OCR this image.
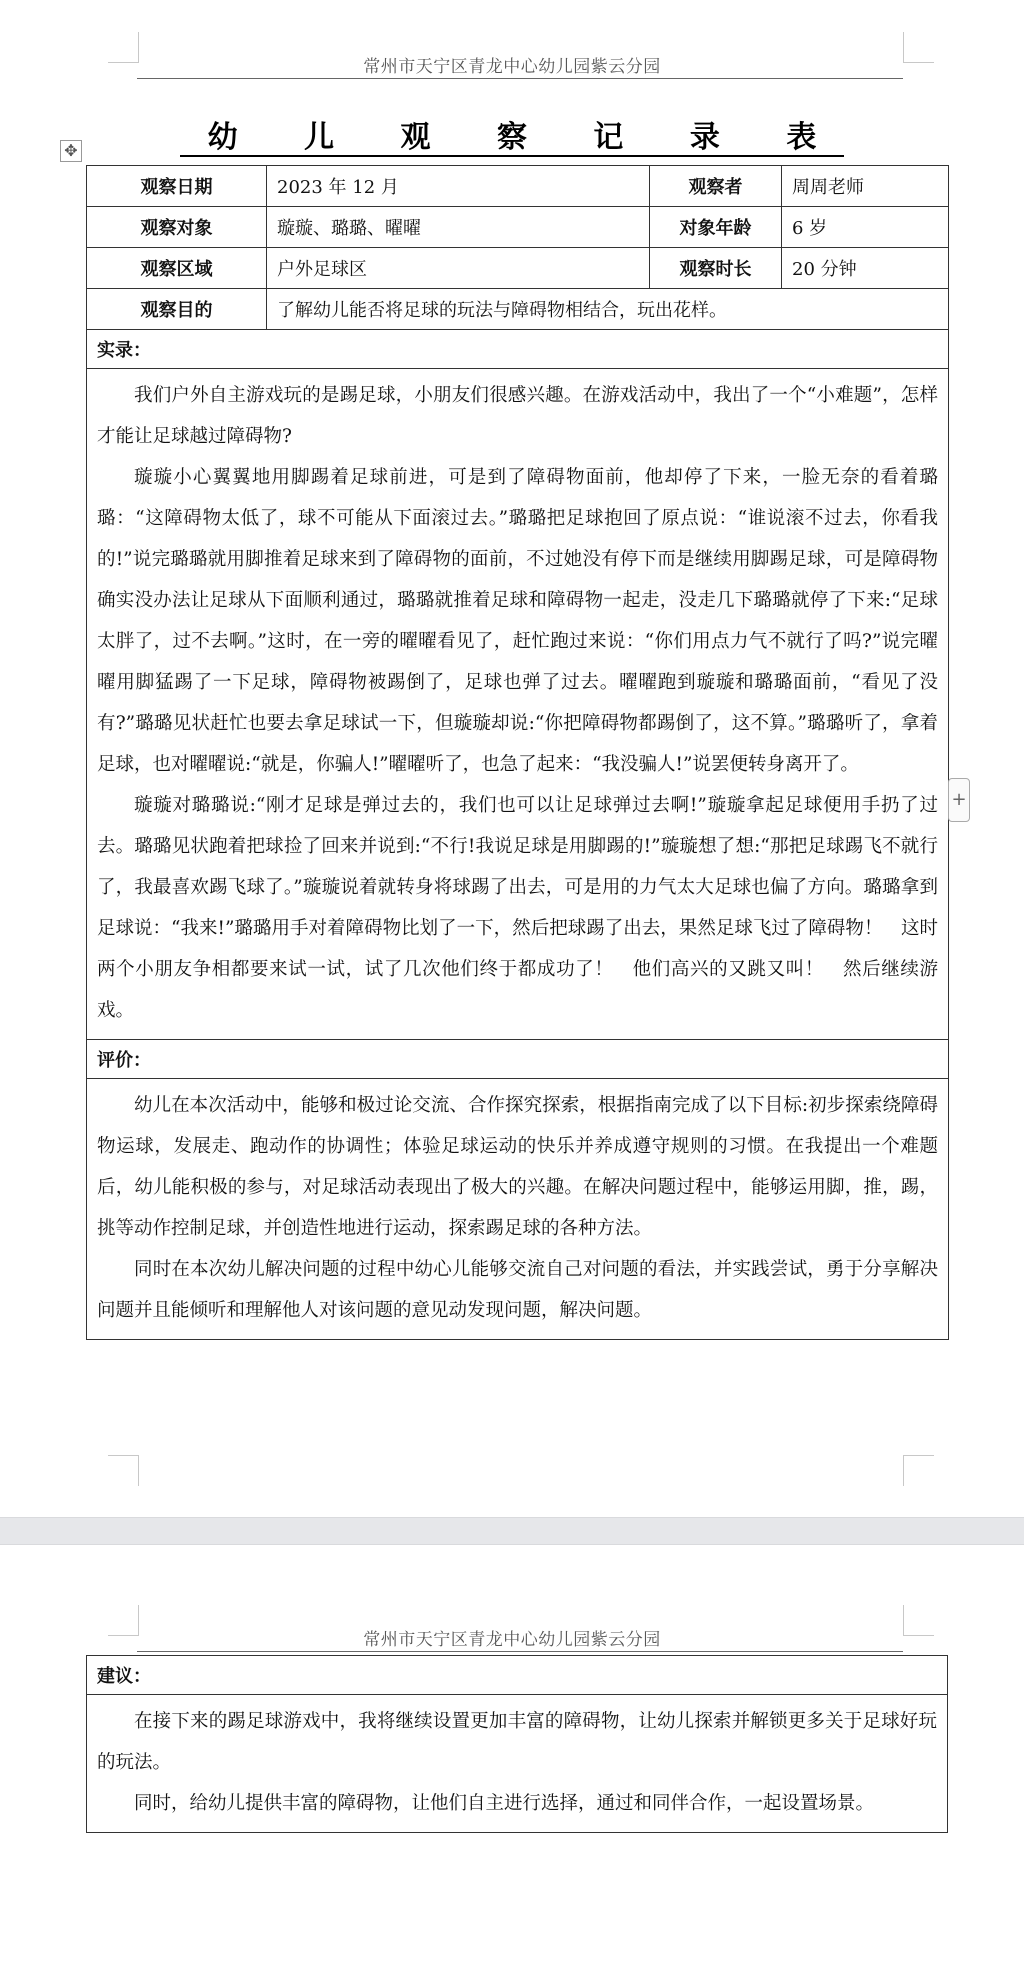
常州市天宁区青龙中心幼儿园紫云分园
✥	幼 儿 观 察 记 录 表
观察日期	2023 年 12 月	观察者	周周老师
观察对象	璇璇、璐璐、曜曜	对象年龄	6 岁
观察区域	户外足球区	观察时长	20 分钟
观察目的	了解幼儿能否将足球的玩法与障碍物相结合，玩出花样。		
实录：			

我们户外自主游戏玩的是踢足球，小朋友们很感兴趣。在游戏活动中，我出了一个“小难题”，怎样才能让足球越过障碍物?

璇璇小心翼翼地用脚踢着足球前进，可是到了障碍物面前，他却停了下来，一脸无奈的看着璐璐：“这障碍物太低了，球不可能从下面滚过去。”璐璐把足球抱回了原点说：“谁说滚不过去，你看我的!”说完璐璐就用脚推着足球来到了障碍物的面前，不过她没有停下而是继续用脚踢足球，可是障碍物确实没办法让足球从下面顺利通过，璐璐就推着足球和障碍物一起走，没走几下璐璐就停了下来:“足球太胖了，过不去啊。”这时，在一旁的曜曜看见了，赶忙跑过来说：“你们用点力气不就行了吗?”说完曜曜用脚猛踢了一下足球，障碍物被踢倒了，足球也弹了过去。曜曜跑到璇璇和璐璐面前，“看见了没有?”璐璐见状赶忙也要去拿足球试一下，但璇璇却说:“你把障碍物都踢倒了，这不算。”璐璐听了，拿着足球，也对曜曜说:“就是，你骗人!”曜曜听了，也急了起来：“我没骗人!”说罢便转身离开了。

璇璇对璐璐说:“刚才足球是弹过去的，我们也可以让足球弹过去啊!”璇璇拿起足球便用手扔了过去。璐璐见状跑着把球捡了回来并说到:“不行!我说足球是用脚踢的!”璇璇想了想:“那把足球踢飞不就行了，我最喜欢踢飞球了。”璇璇说着就转身将球踢了出去，可是用的力气太大足球也偏了方向。璐璐拿到足球说：“我来!”璐璐用手对着障碍物比划了一下，然后把球踢了出去，果然足球飞过了障碍物！　这时两个小朋友争相都要来试一试，试了几次他们终于都成功了！　他们高兴的又跳又叫！　然后继续游戏。			

评价：			

幼儿在本次活动中，能够和极过论交流、合作探究探索，根据指南完成了以下目标:初步探索绕障碍物运球，发展走、跑动作的协调性；体验足球运动的快乐并养成遵守规则的习惯。在我提出一个难题后，幼儿能积极的参与，对足球活动表现出了极大的兴趣。在解决问题过程中，能够运用脚，推，踢，挑等动作控制足球，并创造性地进行运动，探索踢足球的各种方法。

同时在本次幼儿解决问题的过程中幼心儿能够交流自己对问题的看法，并实践尝试，勇于分享解决问题并且能倾听和理解他人对该问题的意见动发现问题，解决问题。			

+
常州市天宁区青龙中心幼儿园紫云分园
建议：

在接下来的踢足球游戏中，我将继续设置更加丰富的障碍物，让幼儿探索并解锁更多关于足球好玩的玩法。

同时，给幼儿提供丰富的障碍物，让他们自主进行选择，通过和同伴合作，一起设置场景。
